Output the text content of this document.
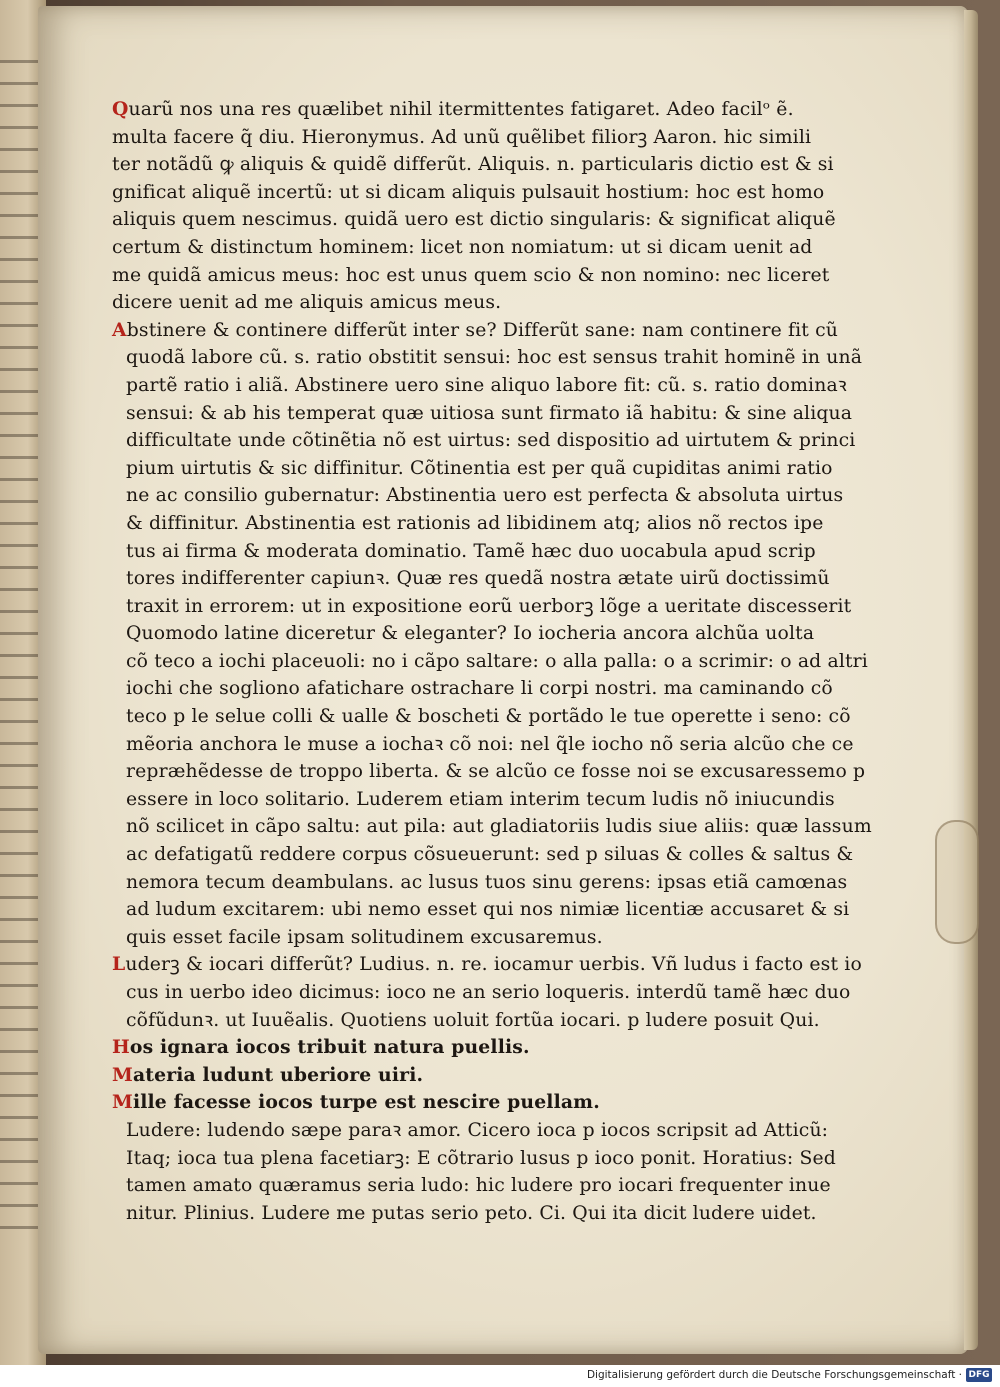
Quarũ nos una res quælibet nihil itermittentes fatigaret. Adeo facilᵒ ẽ.
multa facere q̃ diu. Hieronymus. Ad unũ quẽlibet filiorꝫ Aaron. hic simili
ter notãdũ ꝙ aliquis & quidẽ differũt. Aliquis. n. particularis dictio est & si
gnificat aliquẽ incertũ: ut si dicam aliquis pulsauit hostium: hoc est homo
aliquis quem nescimus. quidã uero est dictio singularis: & significat aliquẽ
certum & distinctum hominem: licet non nomiatum: ut si dicam uenit ad
me quidã amicus meus: hoc est unus quem scio & non nomino: nec liceret
dicere uenit ad me aliquis amicus meus.
Abstinere & continere differũt inter se? Differũt sane: nam continere fit cũ
quodã labore cũ. s. ratio obstitit sensui: hoc est sensus trahit hominẽ in unã
partẽ ratio i aliã. Abstinere uero sine aliquo labore fit: cũ. s. ratio dominaꝛ
sensui: & ab his temperat quæ uitiosa sunt firmato iã habitu: & sine aliqua
difficultate unde cõtinẽtia nõ est uirtus: sed dispositio ad uirtutem & princi
pium uirtutis & sic diffinitur. Cõtinentia est per quã cupiditas animi ratio
ne ac consilio gubernatur: Abstinentia uero est perfecta & absoluta uirtus
& diffinitur. Abstinentia est rationis ad libidinem atq; alios nõ rectos ipe
tus ai firma & moderata dominatio. Tamẽ hæc duo uocabula apud scrip
tores indifferenter capiunꝛ. Quæ res quedã nostra ætate uirũ doctissimũ
traxit in errorem: ut in expositione eorũ uerborꝫ lõge a ueritate discesserit
Quomodo latine diceretur & eleganter? Io iocheria ancora alchũa uolta
cõ teco a iochi placeuoli: no i cãpo saltare: o alla palla: o a scrimir: o ad altri
iochi che sogliono afatichare ostrachare li corpi nostri. ma caminando cõ
teco p le selue colli & ualle & boscheti & portãdo le tue operette i seno: cõ
mẽoria anchora le muse a iochaꝛ cõ noi: nel q̃le iocho nõ seria alcũo che ce
repræhẽdesse de troppo liberta. & se alcũo ce fosse noi se excusaressemo p
essere in loco solitario. Luderem etiam interim tecum ludis nõ iniucundis
nõ scilicet in cãpo saltu: aut pila: aut gladiatoriis ludis siue aliis: quæ lassum
ac defatigatũ reddere corpus cõsueuerunt: sed p siluas & colles & saltus &
nemora tecum deambulans. ac lusus tuos sinu gerens: ipsas etiã camœnas
ad ludum excitarem: ubi nemo esset qui nos nimiæ licentiæ accusaret & si
quis esset facile ipsam solitudinem excusaremus.
Luderꝫ & iocari differũt? Ludius. n. re. iocamur uerbis. Vñ ludus i facto est io
cus in uerbo ideo dicimus: ioco ne an serio loqueris. interdũ tamẽ hæc duo
cõfũdunꝛ. ut Iuuẽalis. Quotiens uoluit fortũa iocari. p ludere posuit Qui.
Hos ignara iocos tribuit natura puellis.
Materia ludunt uberiore uiri.
Mille facesse iocos turpe est nescire puellam.
Ludere: ludendo sæpe paraꝛ amor. Cicero ioca p iocos scripsit ad Atticũ:
Itaq; ioca tua plena facetiarꝫ: E cõtrario lusus p ioco ponit. Horatius: Sed
tamen amato quæramus seria ludo: hic ludere pro iocari frequenter inue
nitur. Plinius. Ludere me putas serio peto. Ci. Qui ita dicit ludere uidet.
Digitalisierung gefördert durch die Deutsche Forschungsgemeinschaft · DFG
